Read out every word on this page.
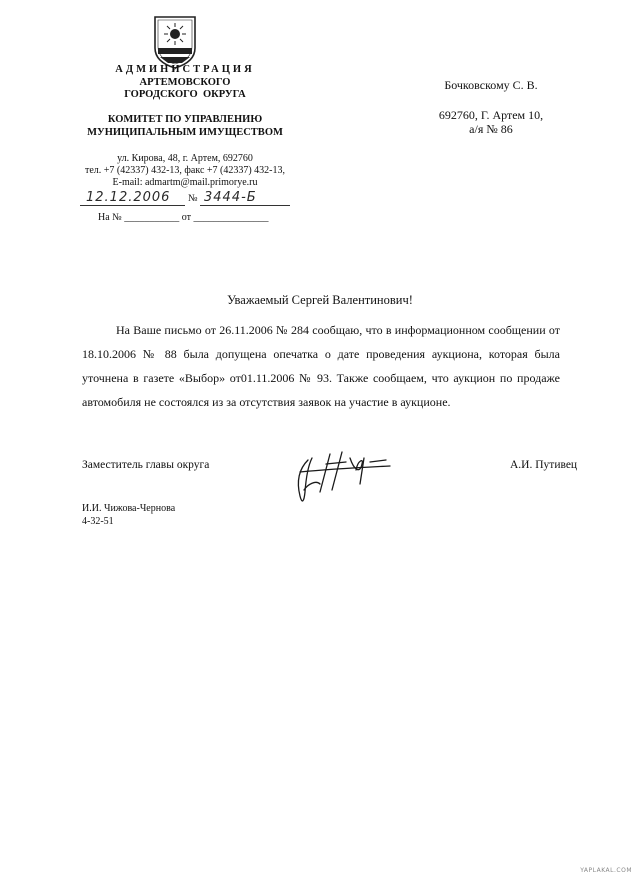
АДМИНИСТРАЦИЯ
АРТЕМОВСКОГО
ГОРОДСКОГО  ОКРУГА
КОМИТЕТ ПО УПРАВЛЕНИЮ
МУНИЦИПАЛЬНЫМ ИМУЩЕСТВОМ
ул. Кирова, 48, г. Артем, 692760
тел. +7 (42337) 432-13, факс +7 (42337) 432-13,
E-mail: admartm@mail.primorye.ru
12.12.2006 № 3444-Б
На № ___________ от _______________
Бочковскому С. В.
692760, Г. Артем 10,
а/я № 86
Уважаемый Сергей Валентинович!

На Ваше письмо от 26.11.2006 № 284 сообщаю, что в информационном сообщении от 18.10.2006 № 88 была допущена опечатка о дате проведения аукциона, которая была уточнена в газете «Выбор» от01.11.2006 № 93. Также сообщаем, что аукцион по продаже автомобиля не состоялся из за отсутствия заявок на участие в аукционе.

Заместитель главы округа	А.И. Путивец
И.И. Чижова-Чернова
4-32-51
YAPLAKAL.COM
